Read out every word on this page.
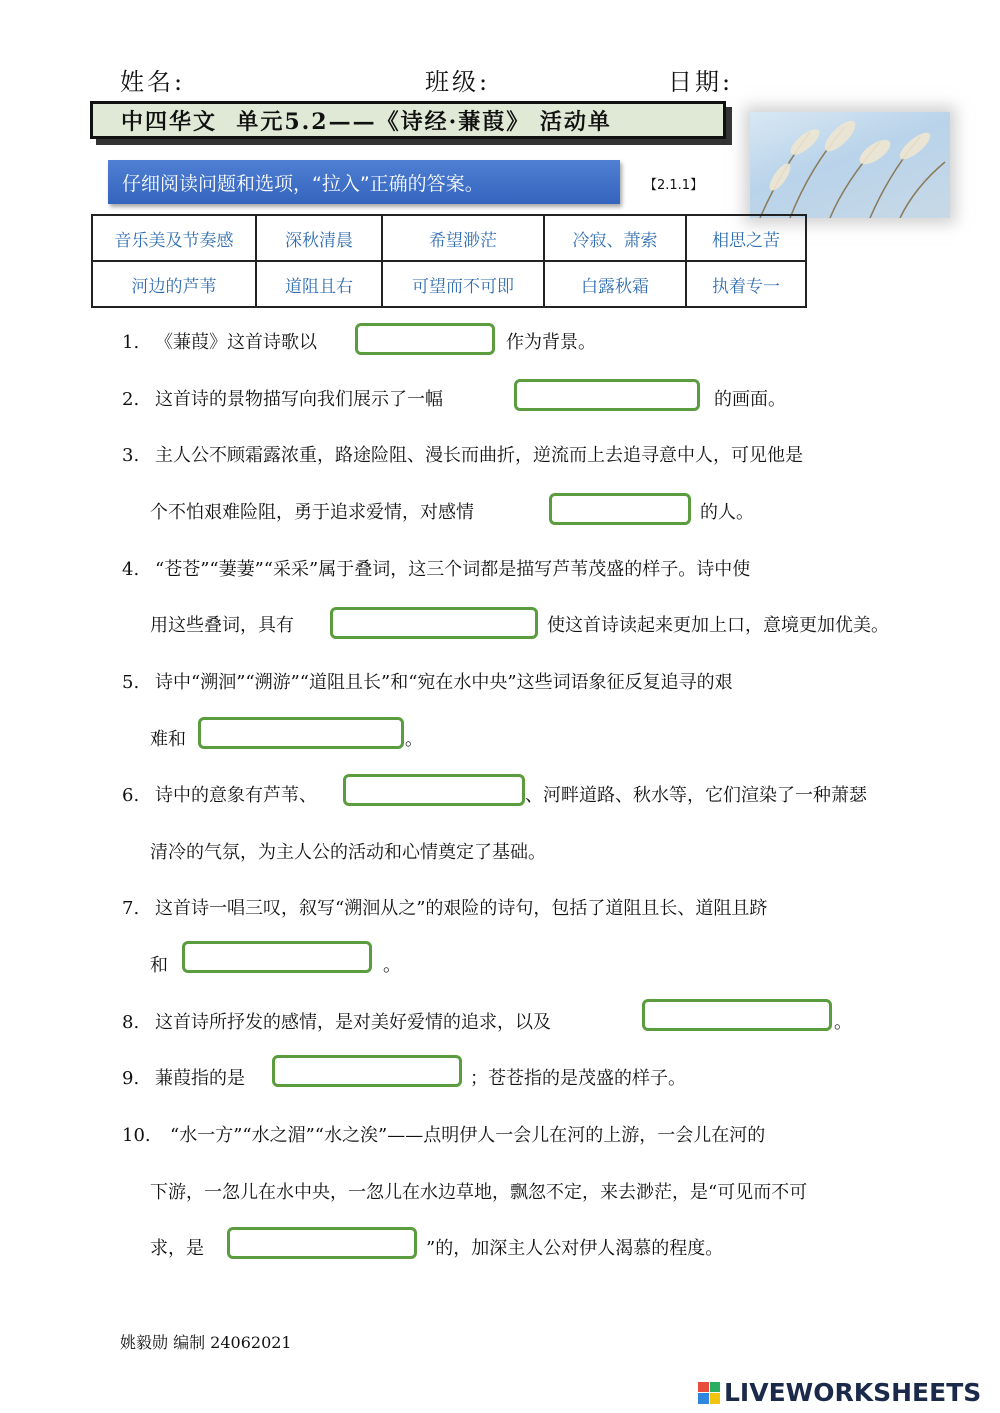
姓名:	班级:	日期:
中四华文  单元5.2——《诗经·蒹葭》 活动单
仔细阅读问题和选项，“拉入”正确的答案。	【2.1.1】
音乐美及节奏感	深秋清晨	希望渺茫	冷寂、萧索	相思之苦
河边的芦苇	道阻且右	可望而不可即	白露秋霜	执着专一
1. 《蒹葭》这首诗歌以	作为背景。
2. 这首诗的景物描写向我们展示了一幅	的画面。
3. 主人公不顾霜露浓重，路途险阻、漫长而曲折，逆流而上去追寻意中人，可见他是
个不怕艰难险阻，勇于追求爱情，对感情	的人。
4. “苍苍”“萋萋”“采采”属于叠词，这三个词都是描写芦苇茂盛的样子。诗中使
用这些叠词，具有	使这首诗读起来更加上口，意境更加优美。
5. 诗中“溯洄”“溯游”“道阻且长”和“宛在水中央”这些词语象征反复追寻的艰
难和	。
6. 诗中的意象有芦苇、	、河畔道路、秋水等，它们渲染了一种萧瑟
清冷的气氛，为主人公的活动和心情奠定了基础。
7. 这首诗一唱三叹，叙写“溯洄从之”的艰险的诗句，包括了道阻且长、道阻且跻
和	。
8. 这首诗所抒发的感情，是对美好爱情的追求，以及	。
9. 蒹葭指的是	；苍苍指的是茂盛的样子。
10. “水一方”“水之湄”“水之涘”——点明伊人一会儿在河的上游，一会儿在河的
下游，一忽儿在水中央，一忽儿在水边草地，飘忽不定，来去渺茫，是“可见而不可
求，是	”的，加深主人公对伊人渴慕的程度。
姚毅勋 编制 24062021
LIVEWORKSHEETS
